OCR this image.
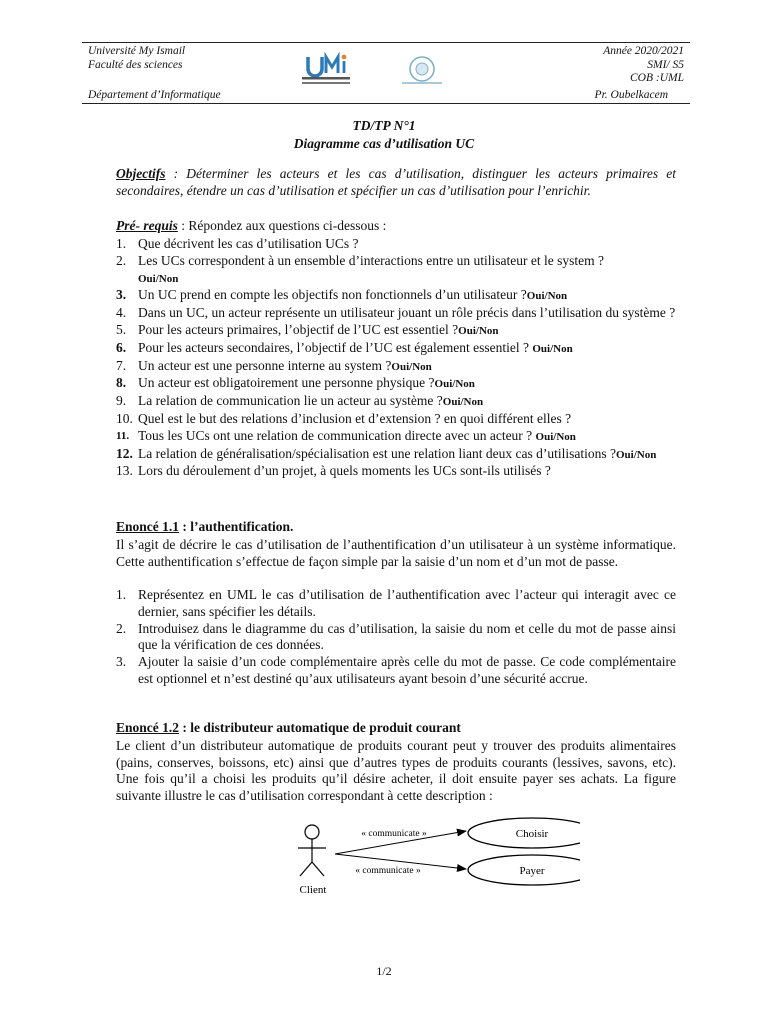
Université My Ismail
Faculté des sciences
Année 2020/2021
SMI/ S5
COB :UML
Département d’Informatique	Pr. Oubelkacem
TD/TP N°1
Diagramme cas d’utilisation UC
Objectifs : Déterminer les acteurs et les cas d’utilisation, distinguer les acteurs primaires et secondaires, étendre un cas d’utilisation et spécifier un cas d’utilisation pour l’enrichir.
Pré- requis : Répondez aux questions ci-dessous :
1. Que décrivent les cas d’utilisation UCs ?
2. Les UCs correspondent à un ensemble d’interactions entre un utilisateur et le system ?
Oui/Non
3. Un UC prend en compte les objectifs non fonctionnels d’un utilisateur ?Oui/Non
4. Dans un UC, un acteur représente un utilisateur jouant un rôle précis dans l’utilisation du système ?
5. Pour les acteurs primaires, l’objectif de l’UC est essentiel ?Oui/Non
6. Pour les acteurs secondaires, l’objectif de l’UC est également essentiel ? Oui/Non
7. Un acteur est une personne interne au system ?Oui/Non
8. Un acteur est obligatoirement une personne physique ?Oui/Non
9. La relation de communication lie un acteur au système ?Oui/Non
10. Quel est le but des relations d’inclusion et d’extension ? en quoi différent elles ?
11. Tous les UCs ont une relation de communication directe avec un acteur ? Oui/Non
12. La relation de généralisation/spécialisation est une relation liant deux cas d’utilisations ?Oui/Non
13. Lors du déroulement d’un projet, à quels moments les UCs sont-ils utilisés ?
Enoncé 1.1 : l’authentification.
Il s’agit de décrire le cas d’utilisation de l’authentification d’un utilisateur à un système informatique. Cette authentification s’effectue de façon simple par la saisie d’un nom et d’un mot de passe.
1. Représentez en UML le cas d’utilisation de l’authentification avec l’acteur qui interagit avec ce dernier, sans spécifier les détails.
2. Introduisez dans le diagramme du cas d’utilisation, la saisie du nom et celle du mot de passe ainsi que la vérification de ces données.
3. Ajouter la saisie d’un code complémentaire après celle du mot de passe. Ce code complémentaire est optionnel et n’est destiné qu’aux utilisateurs ayant besoin d’une sécurité accrue.
Enoncé 1.2 : le distributeur automatique de produit courant
Le client d’un distributeur automatique de produits courant peut y trouver des produits alimentaires (pains, conserves, boissons, etc) ainsi que d’autres types de produits courants (lessives, savons, etc). Une fois qu’il a choisi les produits qu’il désire acheter, il doit ensuite payer ses achats. La figure suivante illustre le cas d’utilisation correspondant à cette description :
Client
Choisir
Payer
« communicate »
« communicate »
1/2
